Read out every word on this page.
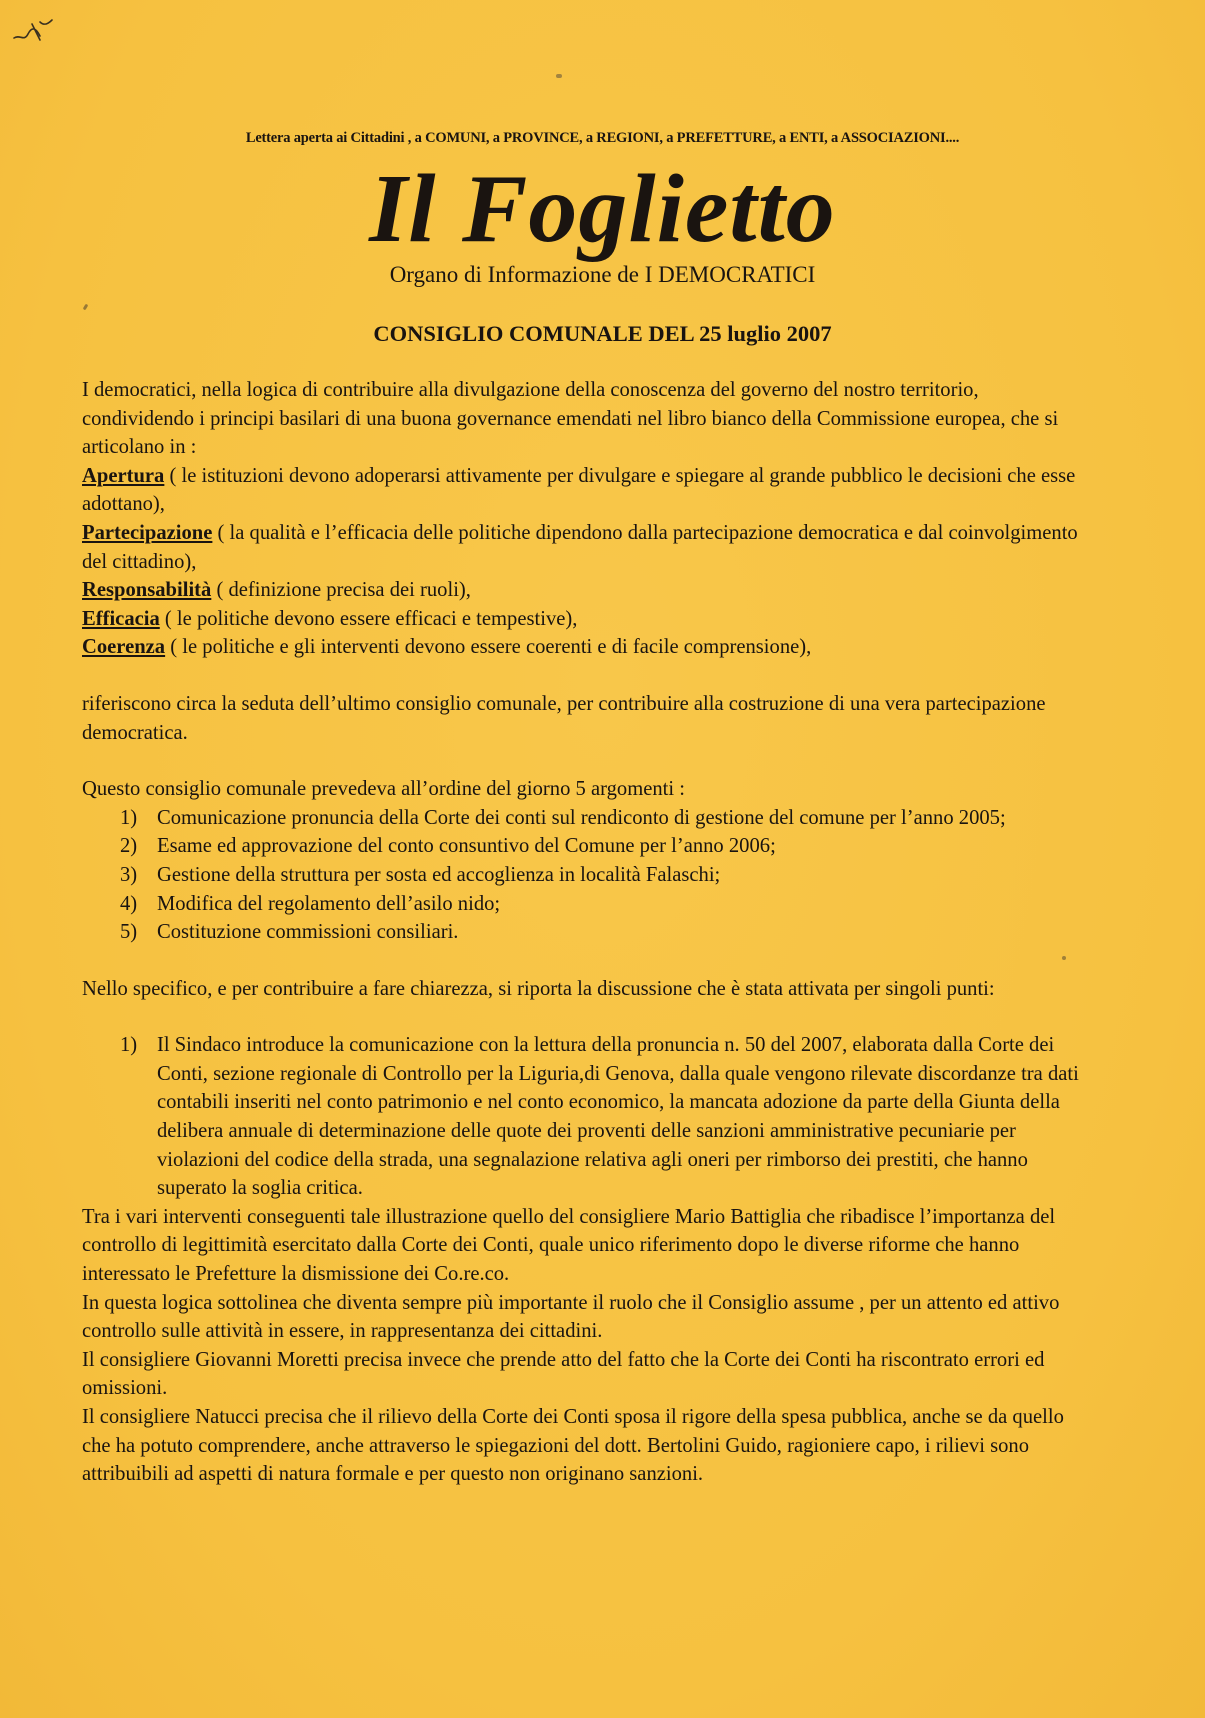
Lettera aperta ai Cittadini , a COMUNI, a PROVINCE, a REGIONI, a PREFETTURE, a ENTI, a ASSOCIAZIONI....
Il Foglietto
Organo di Informazione de I DEMOCRATICI
CONSIGLIO COMUNALE DEL 25 luglio 2007

I democratici, nella logica di contribuire alla divulgazione della conoscenza del governo del nostro territorio, condividendo i principi basilari di una buona governance emendati nel libro bianco della Commissione europea, che si articolano in :

Apertura ( le istituzioni devono adoperarsi attivamente per divulgare e spiegare al grande pubblico le decisioni che esse adottano),

Partecipazione ( la qualità e l’efficacia delle politiche dipendono dalla partecipazione democratica e dal coinvolgimento del cittadino),

Responsabilità ( definizione precisa dei ruoli),

Efficacia ( le politiche devono essere efficaci e tempestive),

Coerenza ( le politiche e gli interventi devono essere coerenti e di facile comprensione),

riferiscono circa la seduta dell’ultimo consiglio comunale, per contribuire alla costruzione di una vera partecipazione democratica.

Questo consiglio comunale prevedeva all’ordine del giorno 5 argomenti :

1) Comunicazione pronuncia della Corte dei conti sul rendiconto di gestione del comune per l’anno 2005;
2) Esame ed approvazione del conto consuntivo del Comune per l’anno 2006;
3) Gestione della struttura per sosta ed accoglienza in località Falaschi;
4) Modifica del regolamento dell’asilo nido;
5) Costituzione commissioni consiliari.

Nello specifico, e per contribuire a fare chiarezza, si riporta la discussione che è stata attivata per singoli punti:

1) Il Sindaco introduce la comunicazione con la lettura della pronuncia n. 50 del 2007, elaborata dalla Corte dei Conti, sezione regionale di Controllo per la Liguria,di Genova, dalla quale vengono rilevate discordanze tra dati contabili inseriti nel conto patrimonio e nel conto economico, la mancata adozione da parte della Giunta della delibera annuale di determinazione delle quote dei proventi delle sanzioni amministrative pecuniarie per violazioni del codice della strada, una segnalazione relativa agli oneri per rimborso dei prestiti, che hanno superato la soglia critica.

Tra i vari interventi conseguenti tale illustrazione quello del consigliere Mario Battiglia che ribadisce l’importanza del controllo di legittimità esercitato dalla Corte dei Conti, quale unico riferimento dopo le diverse riforme che hanno interessato le Prefetture la dismissione dei Co.re.co.

In questa logica sottolinea che diventa sempre più importante il ruolo che il Consiglio assume , per un attento ed attivo controllo sulle attività in essere, in rappresentanza dei cittadini.

Il consigliere Giovanni Moretti precisa invece che prende atto del fatto che la Corte dei Conti ha riscontrato errori ed omissioni.

Il consigliere Natucci precisa che il rilievo della Corte dei Conti sposa il rigore della spesa pubblica, anche se da quello che ha potuto comprendere, anche attraverso le spiegazioni del dott. Bertolini Guido, ragioniere capo, i rilievi sono attribuibili ad aspetti di natura formale e per questo non originano sanzioni.
